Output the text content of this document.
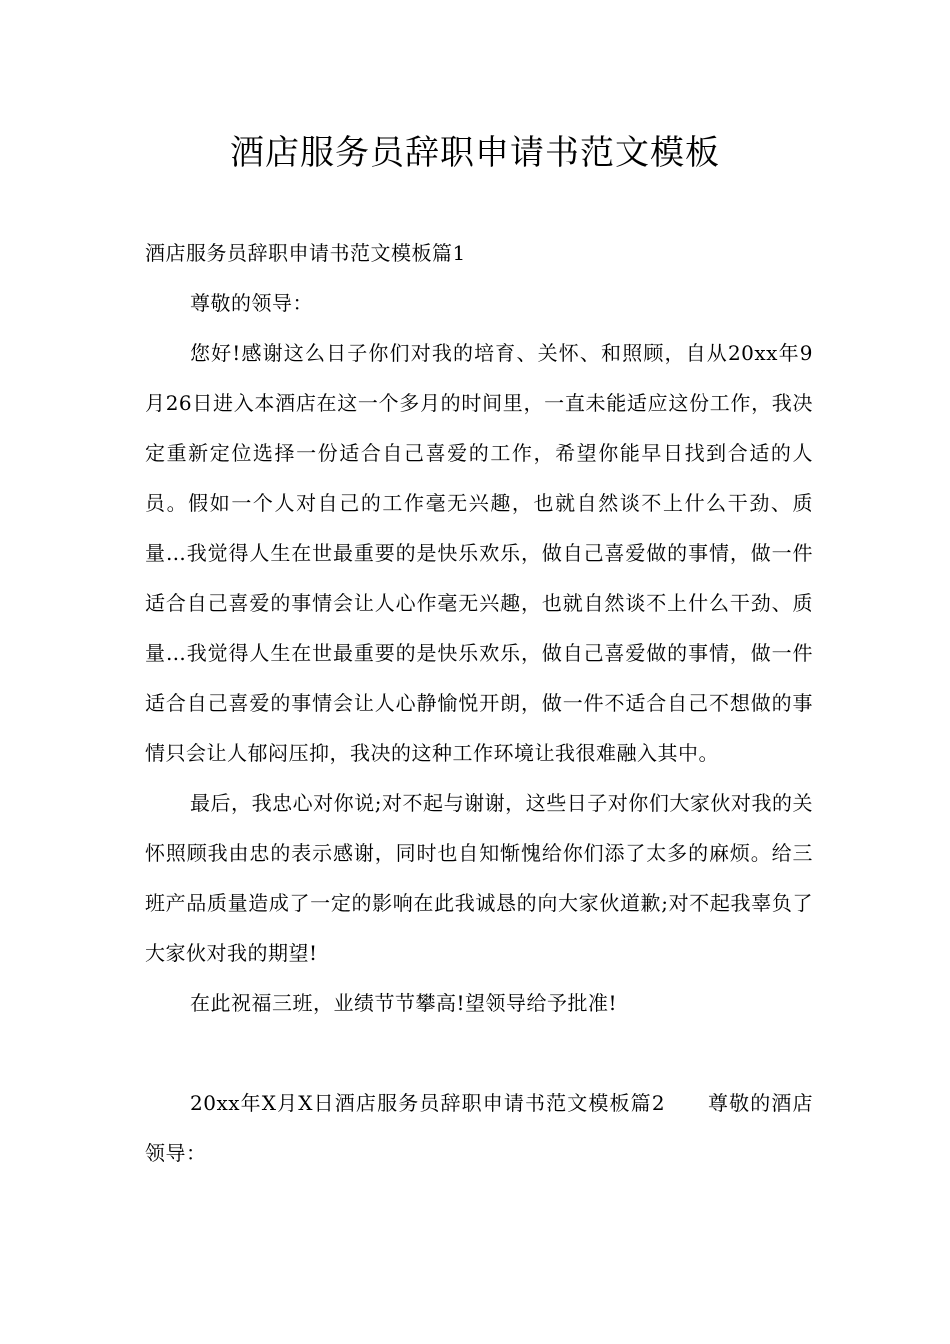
酒店服务员辞职申请书范文模板
酒店服务员辞职申请书范文模板篇1

尊敬的领导：

您好!感谢这么日子你们对我的培育、关怀、和照顾，自从20xx年9月26日进入本酒店在这一个多月的时间里，一直未能适应这份工作，我决定重新定位选择一份适合自己喜爱的工作，希望你能早日找到合适的人员。假如一个人对自己的工作毫无兴趣，也就自然谈不上什么干劲、质量…我觉得人生在世最重要的是快乐欢乐，做自己喜爱做的事情，做一件适合自己喜爱的事情会让人心作毫无兴趣，也就自然谈不上什么干劲、质量…我觉得人生在世最重要的是快乐欢乐，做自己喜爱做的事情，做一件适合自己喜爱的事情会让人心静愉悦开朗，做一件不适合自己不想做的事情只会让人郁闷压抑，我决的这种工作环境让我很难融入其中。

最后，我忠心对你说;对不起与谢谢，这些日子对你们大家伙对我的关怀照顾我由忠的表示感谢，同时也自知惭愧给你们添了太多的麻烦。给三班产品质量造成了一定的影响在此我诚恳的向大家伙道歉;对不起我辜负了大家伙对我的期望!

在此祝福三班，业绩节节攀高!望领导给予批准!

20xx年X月X日酒店服务员辞职申请书范文模板篇2　　尊敬的酒店领导：
